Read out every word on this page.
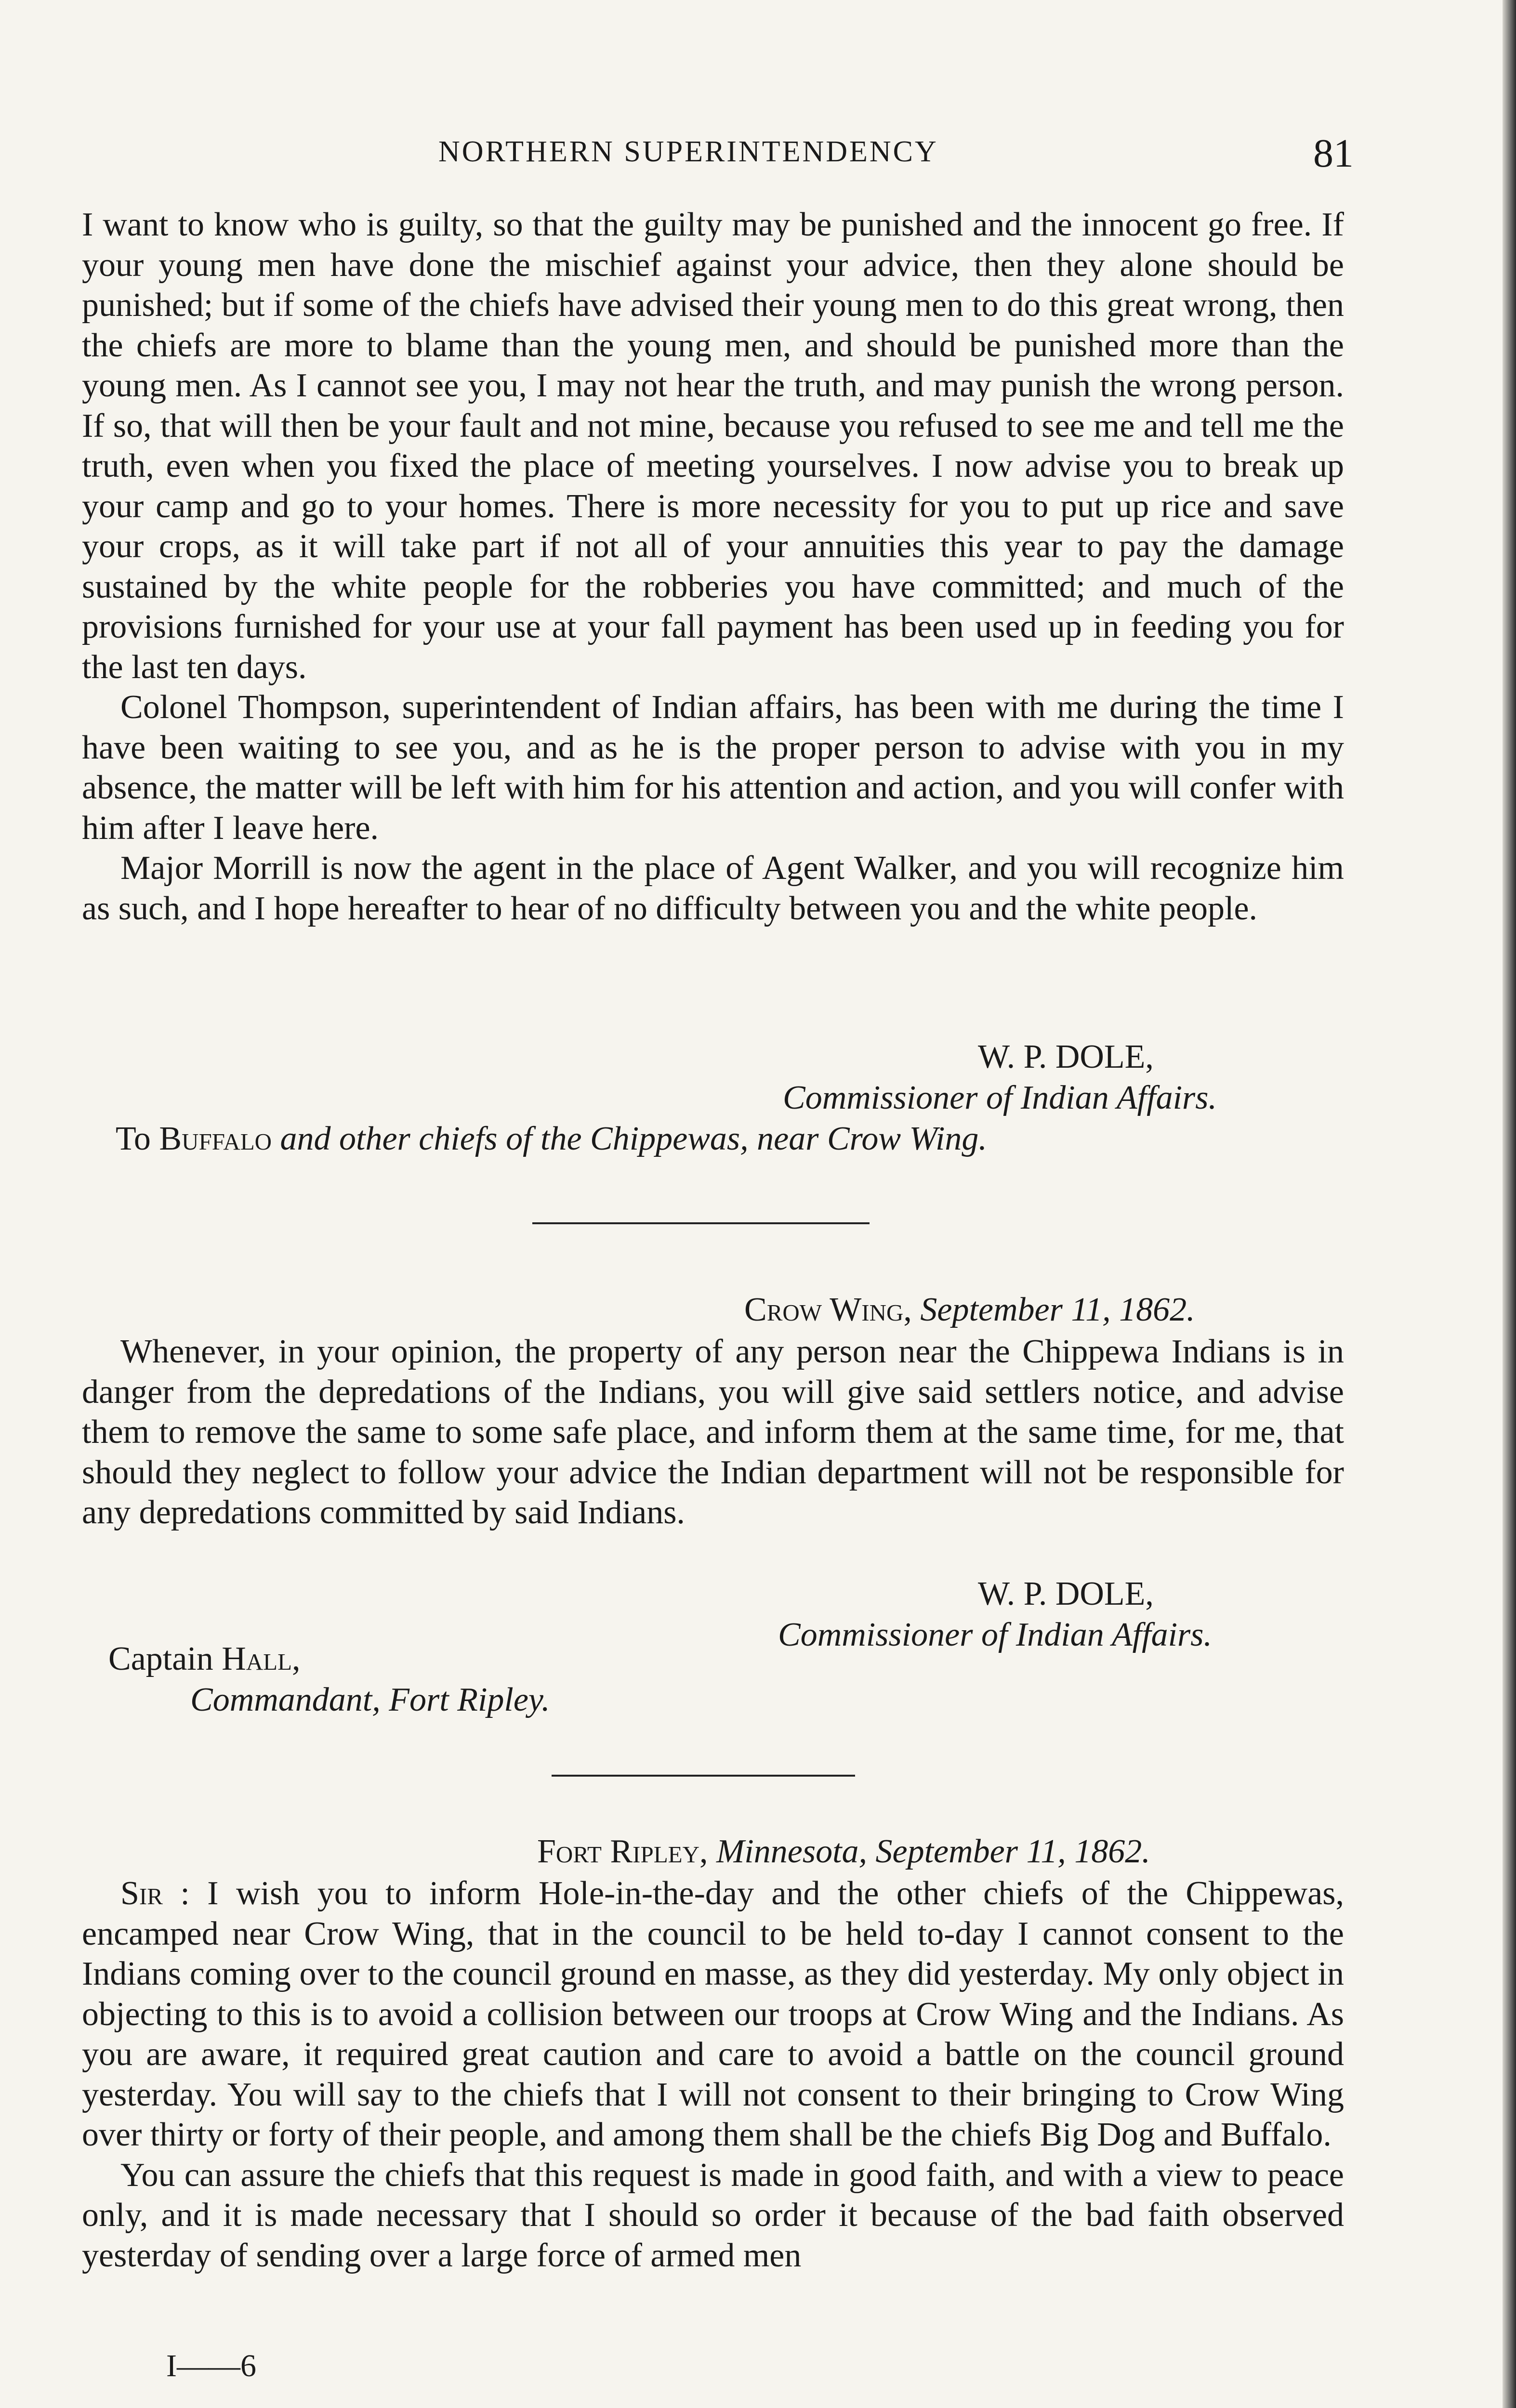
NORTHERN SUPERINTENDENCY	81

I want to know who is guilty, so that the guilty may be punished and the innocent go free. If your young men have done the mischief against your advice, then they alone should be punished; but if some of the chiefs have advised their young men to do this great wrong, then the chiefs are more to blame than the young men, and should be punished more than the young men. As I cannot see you, I may not hear the truth, and may punish the wrong person. If so, that will then be your fault and not mine, because you refused to see me and tell me the truth, even when you fixed the place of meeting yourselves. I now advise you to break up your camp and go to your homes. There is more necessity for you to put up rice and save your crops, as it will take part if not all of your annuities this year to pay the damage sustained by the white people for the robberies you have committed; and much of the provisions furnished for your use at your fall payment has been used up in feeding you for the last ten days.

Colonel Thompson, superintendent of Indian affairs, has been with me during the time I have been waiting to see you, and as he is the proper person to advise with you in my absence, the matter will be left with him for his attention and action, and you will confer with him after I leave here.

Major Morrill is now the agent in the place of Agent Walker, and you will recognize him as such, and I hope hereafter to hear of no difficulty between you and the white people.

W. P. DOLE,
Commissioner of Indian Affairs.
To Buffalo and other chiefs of the Chippewas, near Crow Wing.
Crow Wing, September 11, 1862.

Whenever, in your opinion, the property of any person near the Chippewa Indians is in danger from the depredations of the Indians, you will give said settlers notice, and advise them to remove the same to some safe place, and inform them at the same time, for me, that should they neglect to follow your advice the Indian department will not be responsible for any depredations committed by said Indians.

W. P. DOLE,
Commissioner of Indian Affairs.
Captain Hall,
Commandant, Fort Ripley.
Fort Ripley, Minnesota, September 11, 1862.

Sir : I wish you to inform Hole-in-the-day and the other chiefs of the Chippewas, encamped near Crow Wing, that in the council to be held to-day I cannot consent to the Indians coming over to the council ground en masse, as they did yesterday. My only object in objecting to this is to avoid a collision between our troops at Crow Wing and the Indians. As you are aware, it required great caution and care to avoid a battle on the council ground yesterday. You will say to the chiefs that I will not consent to their bringing to Crow Wing over thirty or forty of their people, and among them shall be the chiefs Big Dog and Buffalo.

You can assure the chiefs that this request is made in good faith, and with a view to peace only, and it is made necessary that I should so order it because of the bad faith observed yesterday of sending over a large force of armed men

I——6
